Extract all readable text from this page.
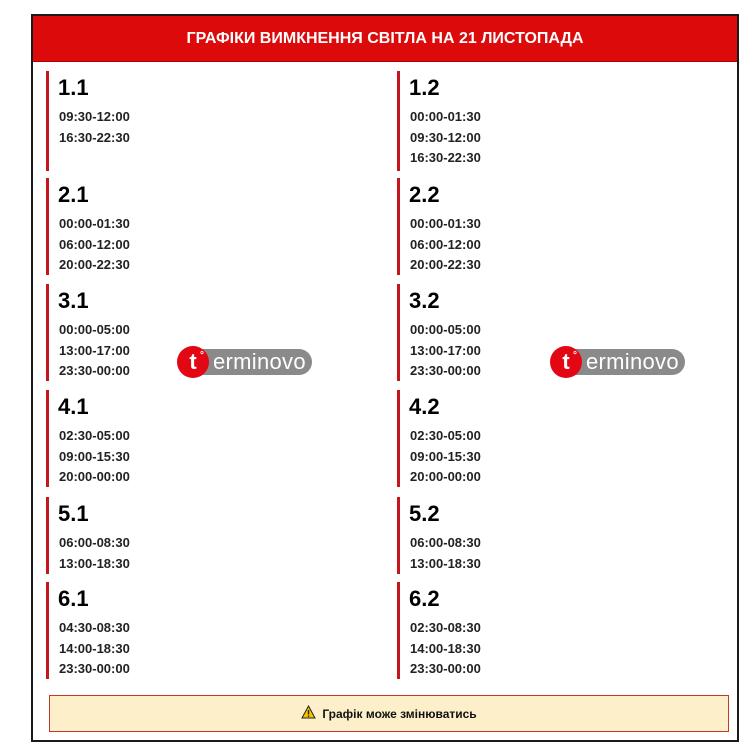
ГРАФІКИ ВИМКНЕННЯ СВІТЛА НА 21 ЛИСТОПАДА
1.1
09:30-12:00
16:30-22:30
1.2
00:00-01:30
09:30-12:00
16:30-22:30
2.1
00:00-01:30
06:00-12:00
20:00-22:30
2.2
00:00-01:30
06:00-12:00
20:00-22:30
3.1
00:00-05:00
13:00-17:00
23:30-00:00
3.2
00:00-05:00
13:00-17:00
23:30-00:00
4.1
02:30-05:00
09:00-15:30
20:00-00:00
4.2
02:30-05:00
09:00-15:30
20:00-00:00
5.1
06:00-08:30
13:00-18:30
5.2
06:00-08:30
13:00-18:30
6.1
04:30-08:30
14:00-18:30
23:30-00:00
6.2
02:30-08:30
14:00-18:30
23:30-00:00
t ° erminovo	t ° erminovo
Графік може змінюватись
